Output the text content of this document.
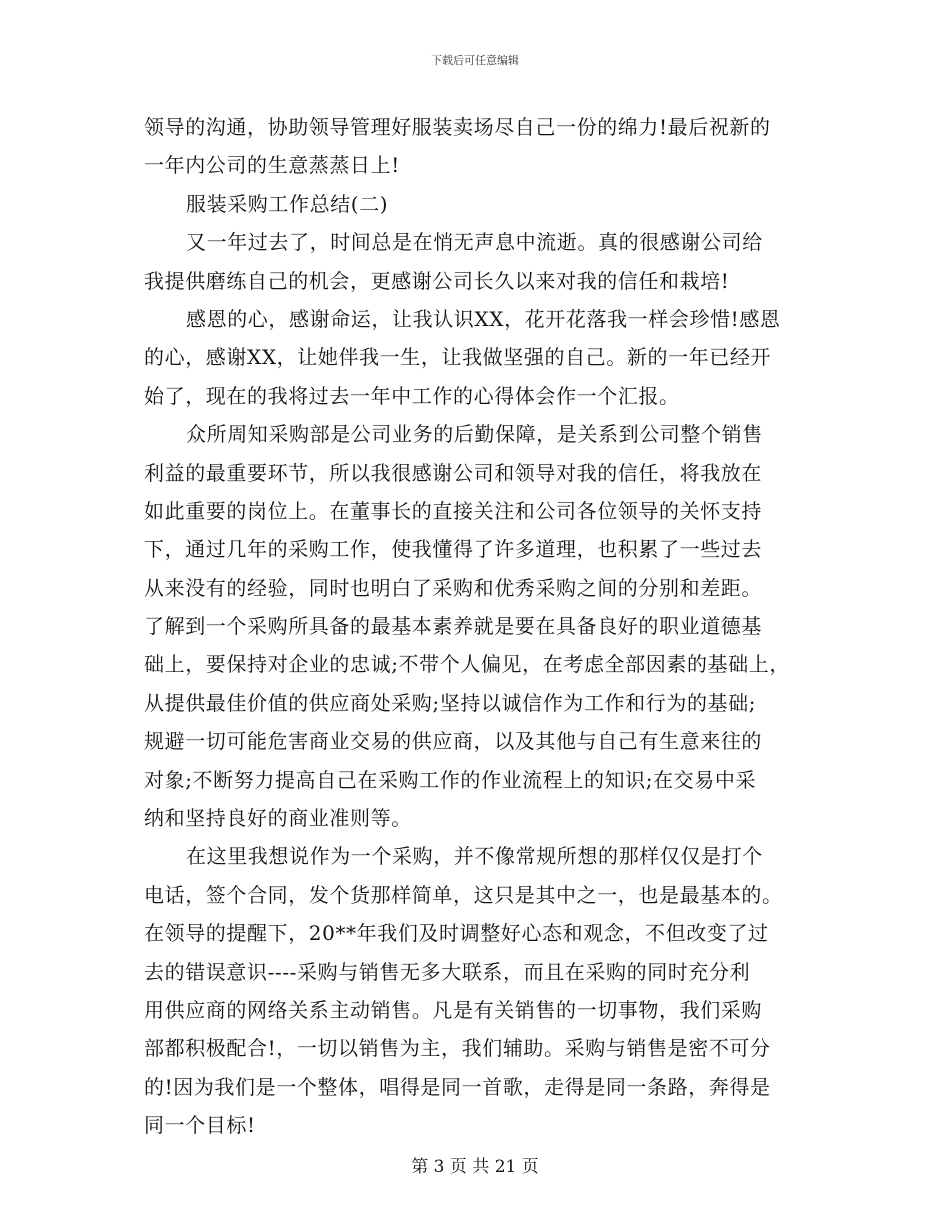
下载后可任意编辑
领导的沟通，协助领导管理好服装卖场尽自己一份的绵力!最后祝新的
一年内公司的生意蒸蒸日上!
服装采购工作总结(二)
又一年过去了，时间总是在悄无声息中流逝。真的很感谢公司给
我提供磨练自己的机会，更感谢公司长久以来对我的信任和栽培!
感恩的心，感谢命运，让我认识XX，花开花落我一样会珍惜!感恩
的心，感谢XX，让她伴我一生，让我做坚强的自己。新的一年已经开
始了，现在的我将过去一年中工作的心得体会作一个汇报。
众所周知采购部是公司业务的后勤保障，是关系到公司整个销售
利益的最重要环节，所以我很感谢公司和领导对我的信任，将我放在
如此重要的岗位上。在董事长的直接关注和公司各位领导的关怀支持
下，通过几年的采购工作，使我懂得了许多道理，也积累了一些过去
从来没有的经验，同时也明白了采购和优秀采购之间的分别和差距。
了解到一个采购所具备的最基本素养就是要在具备良好的职业道德基
础上，要保持对企业的忠诚;不带个人偏见，在考虑全部因素的基础上，
从提供最佳价值的供应商处采购;坚持以诚信作为工作和行为的基础;
规避一切可能危害商业交易的供应商，以及其他与自己有生意来往的
对象;不断努力提高自己在采购工作的作业流程上的知识;在交易中采
纳和坚持良好的商业准则等。
在这里我想说作为一个采购，并不像常规所想的那样仅仅是打个
电话，签个合同，发个货那样简单，这只是其中之一，也是最基本的。
在领导的提醒下，20**年我们及时调整好心态和观念，不但改变了过
去的错误意识----采购与销售无多大联系，而且在采购的同时充分利
用供应商的网络关系主动销售。凡是有关销售的一切事物，我们采购
部都积极配合!，一切以销售为主，我们辅助。采购与销售是密不可分
的!因为我们是一个整体，唱得是同一首歌，走得是同一条路，奔得是
同一个目标!
第 3 页 共 21 页
